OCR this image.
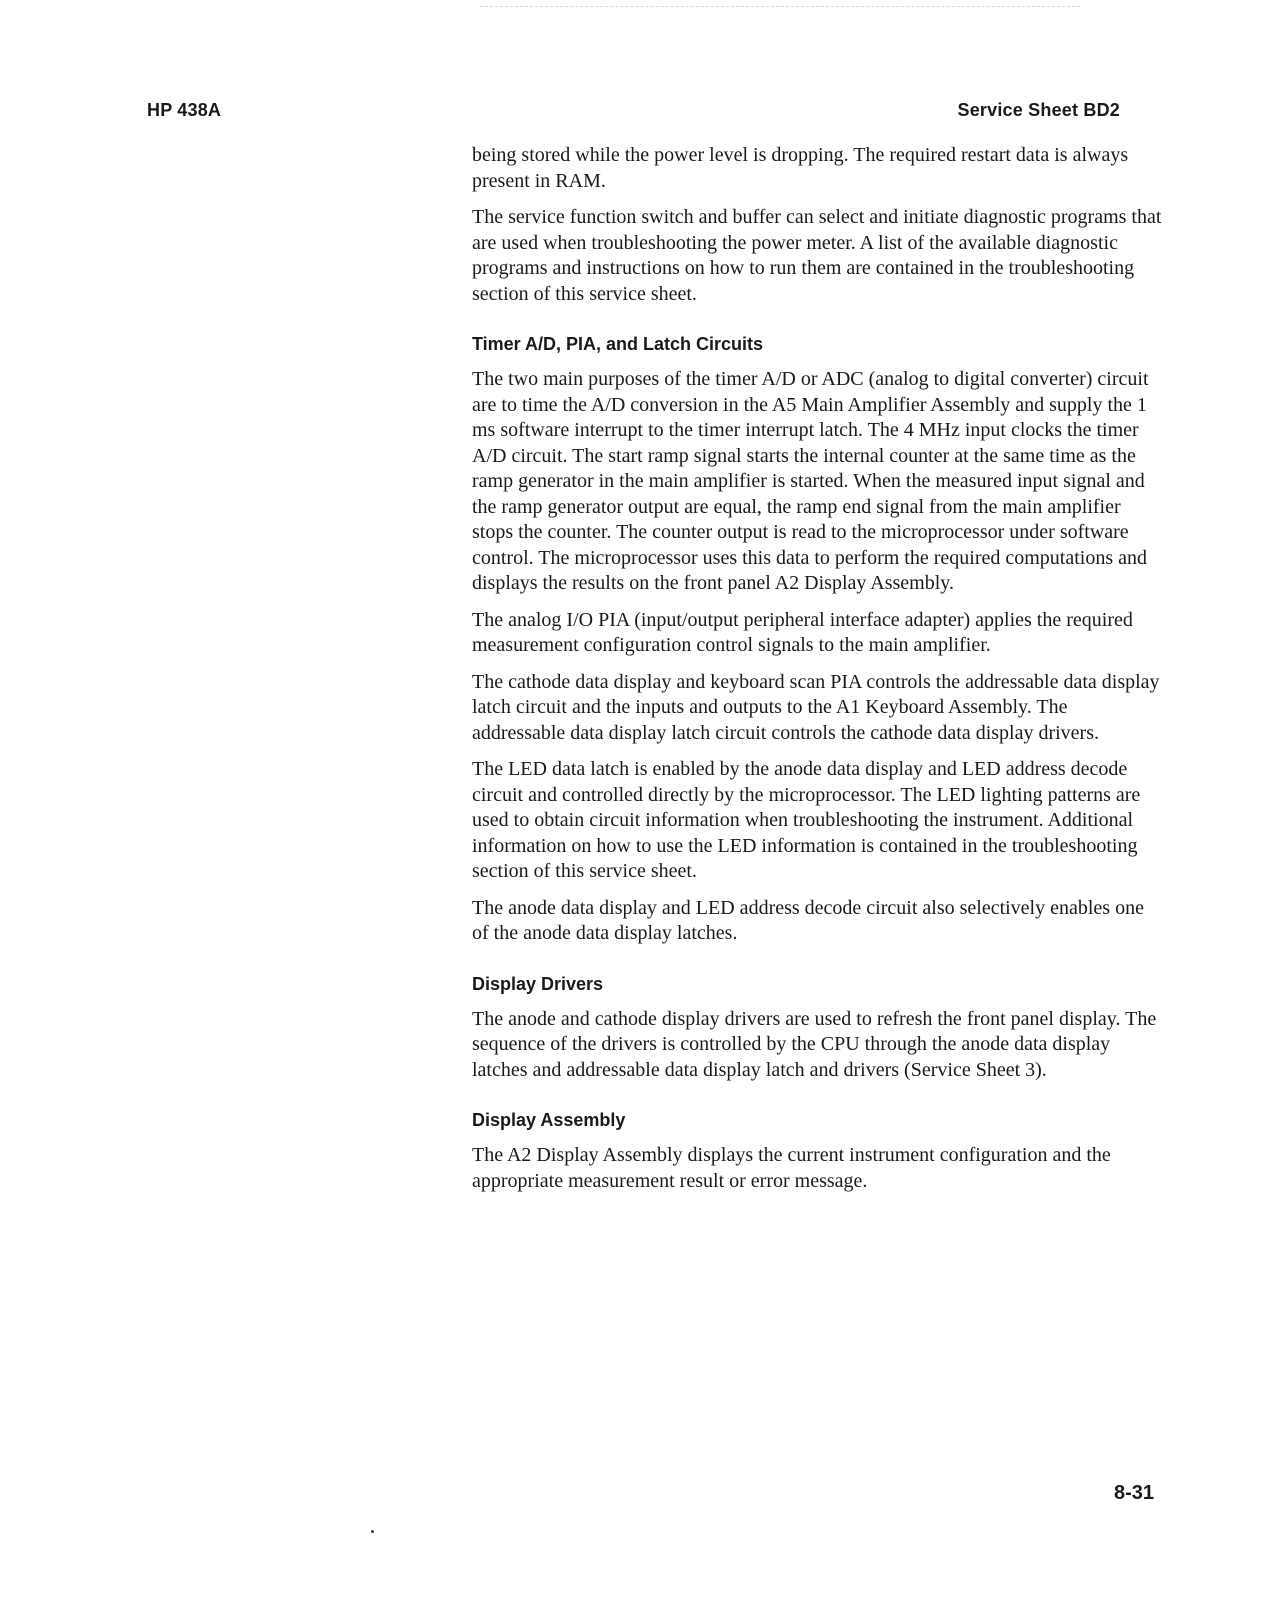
HP 438A	Service Sheet BD2

being stored while the power level is dropping. The required restart data is always present in RAM.

The service function switch and buffer can select and initiate diagnostic programs that are used when troubleshooting the power meter. A list of the available diagnostic programs and instructions on how to run them are contained in the troubleshooting section of this service sheet.

Timer A/D, PIA, and Latch Circuits

The two main purposes of the timer A/D or ADC (analog to digital converter) circuit are to time the A/D conversion in the A5 Main Amplifier Assembly and supply the 1 ms software interrupt to the timer interrupt latch. The 4 MHz input clocks the timer A/D circuit. The start ramp signal starts the internal counter at the same time as the ramp generator in the main amplifier is started. When the measured input signal and the ramp generator output are equal, the ramp end signal from the main amplifier stops the counter. The counter output is read to the microprocessor under software control. The microprocessor uses this data to perform the required computations and displays the results on the front panel A2 Display Assembly.

The analog I/O PIA (input/output peripheral interface adapter) applies the required measurement configuration control signals to the main amplifier.

The cathode data display and keyboard scan PIA controls the addressable data display latch circuit and the inputs and outputs to the A1 Keyboard Assembly. The addressable data display latch circuit controls the cathode data display drivers.

The LED data latch is enabled by the anode data display and LED address decode circuit and controlled directly by the microprocessor. The LED lighting patterns are used to obtain circuit information when troubleshooting the instrument. Additional information on how to use the LED information is contained in the troubleshooting section of this service sheet.

The anode data display and LED address decode circuit also selectively enables one of the anode data display latches.

Display Drivers

The anode and cathode display drivers are used to refresh the front panel display. The sequence of the drivers is controlled by the CPU through the anode data display latches and addressable data display latch and drivers (Service Sheet 3).

Display Assembly

The A2 Display Assembly displays the current instrument configuration and the appropriate measurement result or error message.

8-31
